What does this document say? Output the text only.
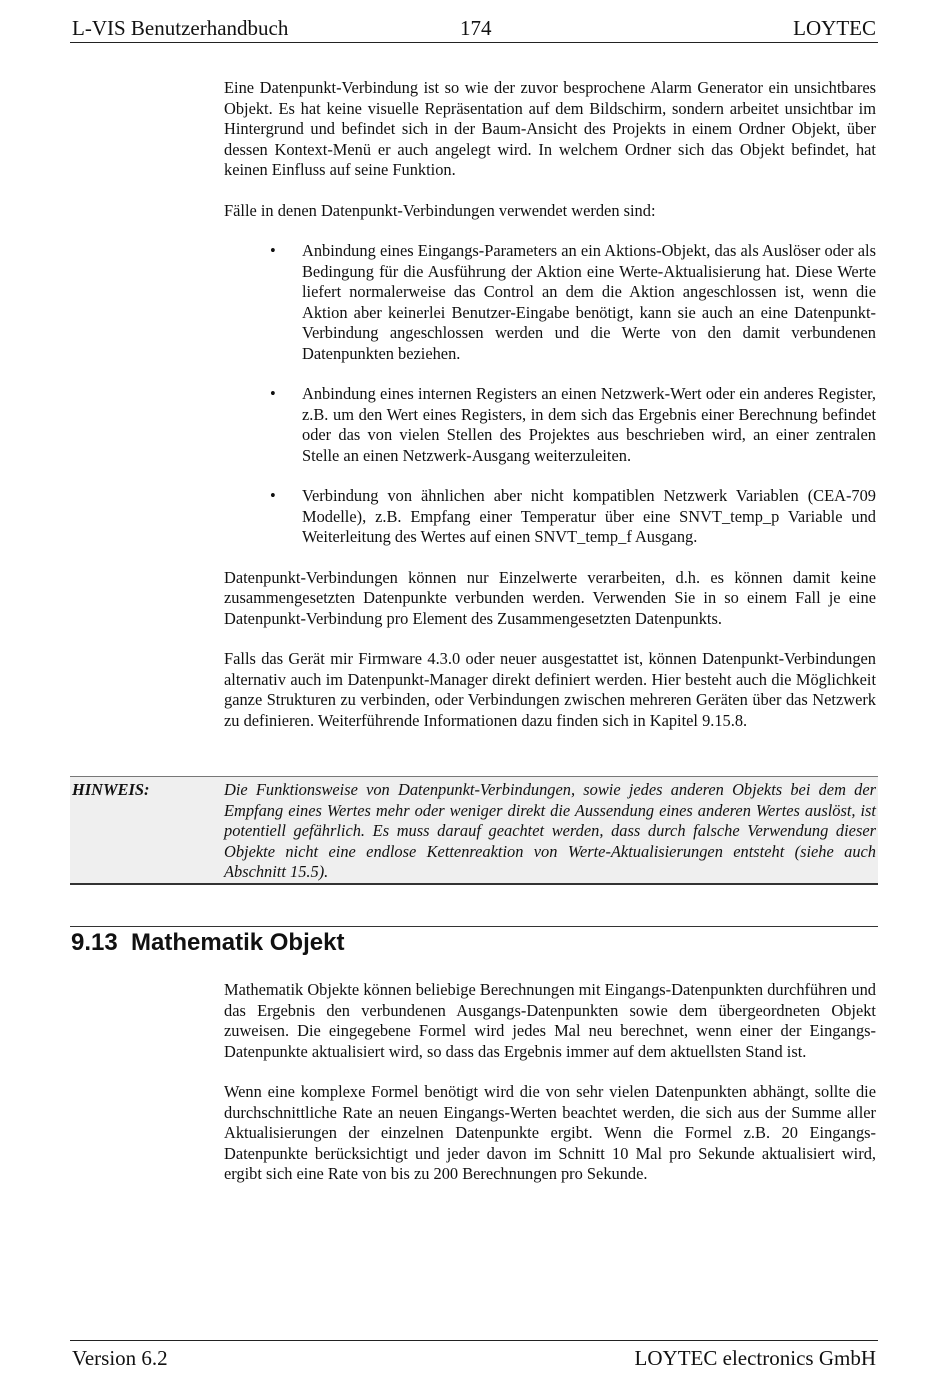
L-VIS Benutzerhandbuch	174	LOYTEC

Eine Datenpunkt-Verbindung ist so wie der zuvor besprochene Alarm Generator ein unsichtbares Objekt. Es hat keine visuelle Repräsentation auf dem Bildschirm, sondern arbeitet unsichtbar im Hintergrund und befindet sich in der Baum-Ansicht des Projekts in einem Ordner Objekt, über dessen Kontext-Menü er auch angelegt wird. In welchem Ordner sich das Objekt befindet, hat keinen Einfluss auf seine Funktion.

Fälle in denen Datenpunkt-Verbindungen verwendet werden sind:

• Anbindung eines Eingangs-Parameters an ein Aktions-Objekt, das als Auslöser oder als Bedingung für die Ausführung der Aktion eine Werte-Aktualisierung hat. Diese Werte liefert normalerweise das Control an dem die Aktion angeschlossen ist, wenn die Aktion aber keinerlei Benutzer-Eingabe benötigt, kann sie auch an eine Datenpunkt-Verbindung angeschlossen werden und die Werte von den damit verbundenen Datenpunkten beziehen.
• Anbindung eines internen Registers an einen Netzwerk-Wert oder ein anderes Register, z.B. um den Wert eines Registers, in dem sich das Ergebnis einer Berechnung befindet oder das von vielen Stellen des Projektes aus beschrieben wird, an einer zentralen Stelle an einen Netzwerk-Ausgang weiterzuleiten.
• Verbindung von ähnlichen aber nicht kompatiblen Netzwerk Variablen (CEA-709 Modelle), z.B. Empfang einer Temperatur über eine SNVT_temp_p Variable und Weiterleitung des Wertes auf einen SNVT_temp_f Ausgang.

Datenpunkt-Verbindungen können nur Einzelwerte verarbeiten, d.h. es können damit keine zusammengesetzten Datenpunkte verbunden werden. Verwenden Sie in so einem Fall je eine Datenpunkt-Verbindung pro Element des Zusammengesetzten Datenpunkts.

Falls das Gerät mir Firmware 4.3.0 oder neuer ausgestattet ist, können Datenpunkt-Verbindungen alternativ auch im Datenpunkt-Manager direkt definiert werden. Hier besteht auch die Möglichkeit ganze Strukturen zu verbinden, oder Verbindungen zwischen mehreren Geräten über das Netzwerk zu definieren. Weiterführende Informationen dazu finden sich in Kapitel 9.15.8.

HINWEIS:	Die Funktionsweise von Datenpunkt-Verbindungen, sowie jedes anderen Objekts bei dem der Empfang eines Wertes mehr oder weniger direkt die Aussendung eines anderen Wertes auslöst, ist potentiell gefährlich. Es muss darauf geachtet werden, dass durch falsche Verwendung dieser Objekte nicht eine endlose Kettenreaktion von Werte-Aktualisierungen entsteht (siehe auch Abschnitt 15.5).
9.13  Mathematik Objekt

Mathematik Objekte können beliebige Berechnungen mit Eingangs-Datenpunkten durchführen und das Ergebnis den verbundenen Ausgangs-Datenpunkten sowie dem übergeordneten Objekt zuweisen. Die eingegebene Formel wird jedes Mal neu berechnet, wenn einer der Eingangs-Datenpunkte aktualisiert wird, so dass das Ergebnis immer auf dem aktuellsten Stand ist.

Wenn eine komplexe Formel benötigt wird die von sehr vielen Datenpunkten abhängt, sollte die durchschnittliche Rate an neuen Eingangs-Werten beachtet werden, die sich aus der Summe aller Aktualisierungen der einzelnen Datenpunkte ergibt. Wenn die Formel z.B. 20 Eingangs-Datenpunkte berücksichtigt und jeder davon im Schnitt 10 Mal pro Sekunde aktualisiert wird, ergibt sich eine Rate von bis zu 200 Berechnungen pro Sekunde.

Version 6.2	LOYTEC electronics GmbH
